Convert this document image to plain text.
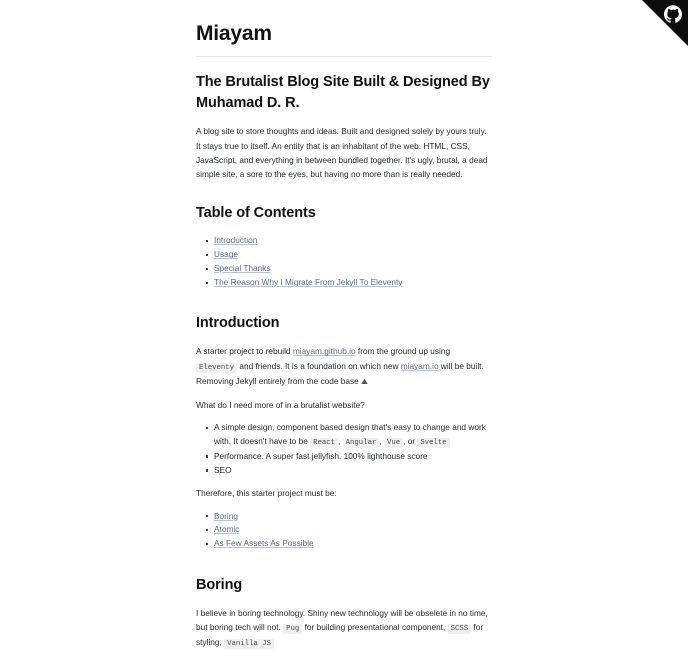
Miayam
The Brutalist Blog Site Built & Designed By Muhamad D. R.

A blog site to store thoughts and ideas. Built and designed solely by yours truly. It stays true to itself. An entity that is an inhabitant of the web. HTML, CSS, JavaScript, and everything in between bundled together. It's ugly, brutal, a dead simple site, a sore to the eyes, but having no more than is really needed.

Table of Contents
Introduction
Usage
Special Thanks
The Reason Why I Migrate From Jekyll To Eleventy
Introduction

A starter project to rebuild miayam.github.io from the ground up using Eleventy and friends. It is a foundation on which new miayam.io will be built. Removing Jekyll entirely from the code base ⛰

What do I need more of in a brutalist website?

A simple design, component based design that's easy to change and work with. It doesn't have to be React , Angular , Vue , or Svelte
Performance. A super fast jellyfish. 100% lighthouse score
SEO

Therefore, this starter project must be:

Boring
Atomic
As Few Assets As Possible
Boring

I believe in boring technology. Shiny new technology will be obselete in no time, but boring tech will not. Pug for building presentational component, SCSS for styling, Vanilla JS
